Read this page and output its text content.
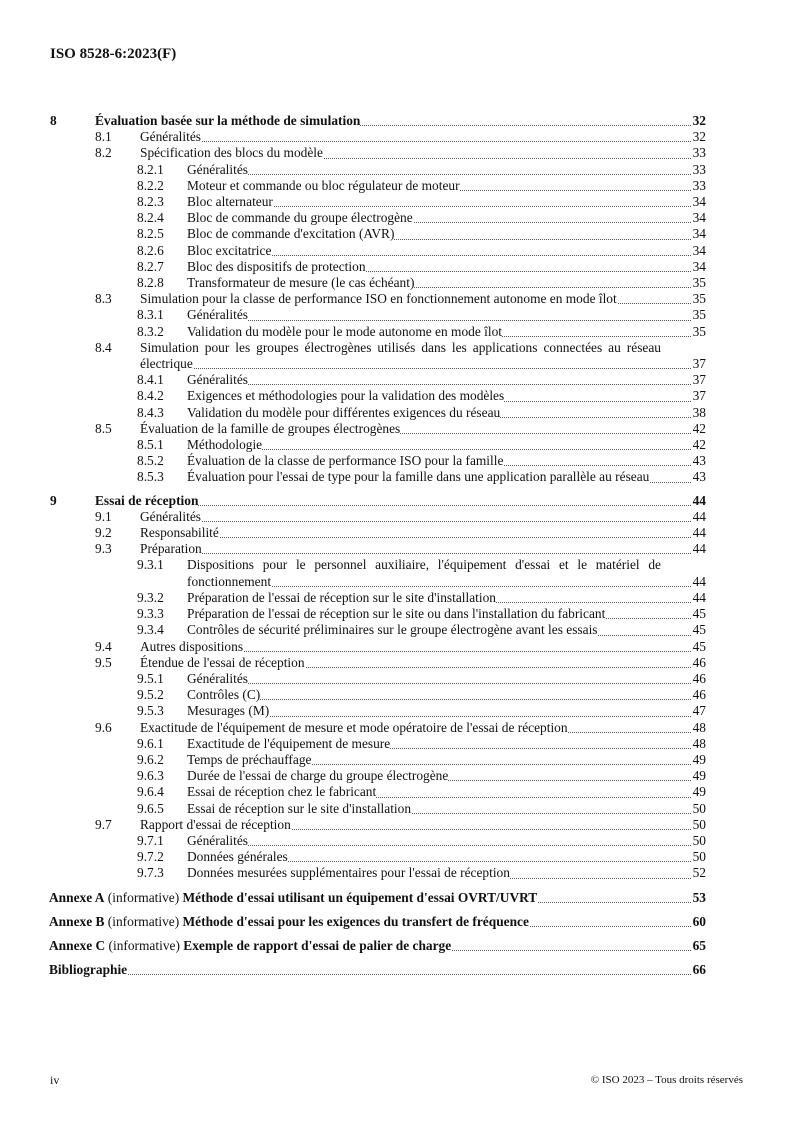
ISO 8528-6:2023(F)
8	Évaluation basée sur la méthode de simulation	32
8.1 Généralités	32
8.2 Spécification des blocs du modèle	33
8.2.1 Généralités	33
8.2.2 Moteur et commande ou bloc régulateur de moteur	33
8.2.3 Bloc alternateur	34
8.2.4 Bloc de commande du groupe électrogène	34
8.2.5 Bloc de commande d'excitation (AVR)	34
8.2.6 Bloc excitatrice	34
8.2.7 Bloc des dispositifs de protection	34
8.2.8 Transformateur de mesure (le cas échéant)	35
8.3 Simulation pour la classe de performance ISO en fonctionnement autonome en mode îlot	35
8.3.1 Généralités	35
8.3.2 Validation du modèle pour le mode autonome en mode îlot	35
8.4 Simulation pour les groupes électrogènes utilisés dans les applications connectées au réseau électrique	37
8.4.1 Généralités	37
8.4.2 Exigences et méthodologies pour la validation des modèles	37
8.4.3 Validation du modèle pour différentes exigences du réseau	38
8.5 Évaluation de la famille de groupes électrogènes	42
8.5.1 Méthodologie	42
8.5.2 Évaluation de la classe de performance ISO pour la famille	43
8.5.3 Évaluation pour l'essai de type pour la famille dans une application parallèle au réseau	43
9	Essai de réception	44
9.1 Généralités	44
9.2 Responsabilité	44
9.3 Préparation	44
9.3.1 Dispositions pour le personnel auxiliaire, l'équipement d'essai et le matériel de fonctionnement	44
9.3.2 Préparation de l'essai de réception sur le site d'installation	44
9.3.3 Préparation de l'essai de réception sur le site ou dans l'installation du fabricant	45
9.3.4 Contrôles de sécurité préliminaires sur le groupe électrogène avant les essais	45
9.4 Autres dispositions	45
9.5 Étendue de l'essai de réception	46
9.5.1 Généralités	46
9.5.2 Contrôles (C)	46
9.5.3 Mesurages (M)	47
9.6 Exactitude de l'équipement de mesure et mode opératoire de l'essai de réception	48
9.6.1 Exactitude de l'équipement de mesure	48
9.6.2 Temps de préchauffage	49
9.6.3 Durée de l'essai de charge du groupe électrogène	49
9.6.4 Essai de réception chez le fabricant	49
9.6.5 Essai de réception sur le site d'installation	50
9.7 Rapport d'essai de réception	50
9.7.1 Généralités	50
9.7.2 Données générales	50
9.7.3 Données mesurées supplémentaires pour l'essai de réception	52
Annexe A (informative) Méthode d'essai utilisant un équipement d'essai OVRT/UVRT	53
Annexe B (informative) Méthode d'essai pour les exigences du transfert de fréquence	60
Annexe C (informative) Exemple de rapport d'essai de palier de charge	65
Bibliographie	66
iv	© ISO 2023 – Tous droits réservés
